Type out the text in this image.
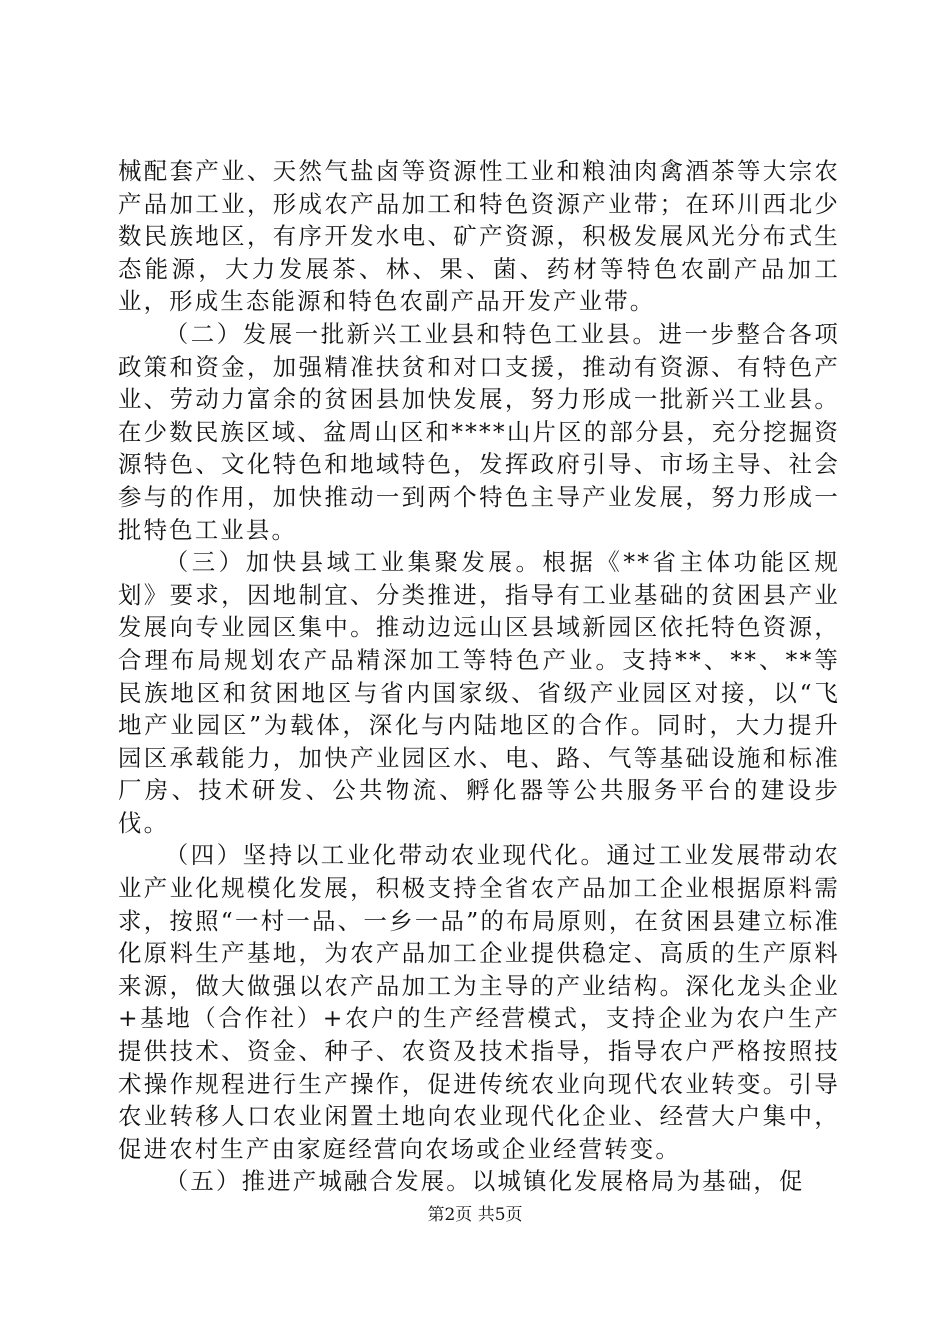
械配套产业、天然气盐卤等资源性工业和粮油肉禽酒茶等大宗农产品加工业，形成农产品加工和特色资源产业带；在环川西北少数民族地区，有序开发水电、矿产资源，积极发展风光分布式生态能源，大力发展茶、林、果、菌、药材等特色农副产品加工业，形成生态能源和特色农副产品开发产业带。

（二）发展一批新兴工业县和特色工业县。进一步整合各项政策和资金，加强精准扶贫和对口支援，推动有资源、有特色产业、劳动力富余的贫困县加快发展，努力形成一批新兴工业县。在少数民族区域、盆周山区和****山片区的部分县，充分挖掘资源特色、文化特色和地域特色，发挥政府引导、市场主导、社会参与的作用，加快推动一到两个特色主导产业发展，努力形成一批特色工业县。

（三）加快县域工业集聚发展。根据《**省主体功能区规划》要求，因地制宜、分类推进，指导有工业基础的贫困县产业发展向专业园区集中。推动边远山区县域新园区依托特色资源，合理布局规划农产品精深加工等特色产业。支持**、**、**等民族地区和贫困地区与省内国家级、省级产业园区对接，以“飞地产业园区”为载体，深化与内陆地区的合作。同时，大力提升园区承载能力，加快产业园区水、电、路、气等基础设施和标准厂房、技术研发、公共物流、孵化器等公共服务平台的建设步伐。

（四）坚持以工业化带动农业现代化。通过工业发展带动农业产业化规模化发展，积极支持全省农产品加工企业根据原料需求，按照“一村一品、一乡一品”的布局原则，在贫困县建立标准化原料生产基地，为农产品加工企业提供稳定、高质的生产原料来源，做大做强以农产品加工为主导的产业结构。深化龙头企业+基地（合作社）+农户的生产经营模式，支持企业为农户生产提供技术、资金、种子、农资及技术指导，指导农户严格按照技术操作规程进行生产操作，促进传统农业向现代农业转变。引导农业转移人口农业闲置土地向农业现代化企业、经营大户集中，促进农村生产由家庭经营向农场或企业经营转变。

（五）推进产城融合发展。以城镇化发展格局为基础，促

第2页 共5页
